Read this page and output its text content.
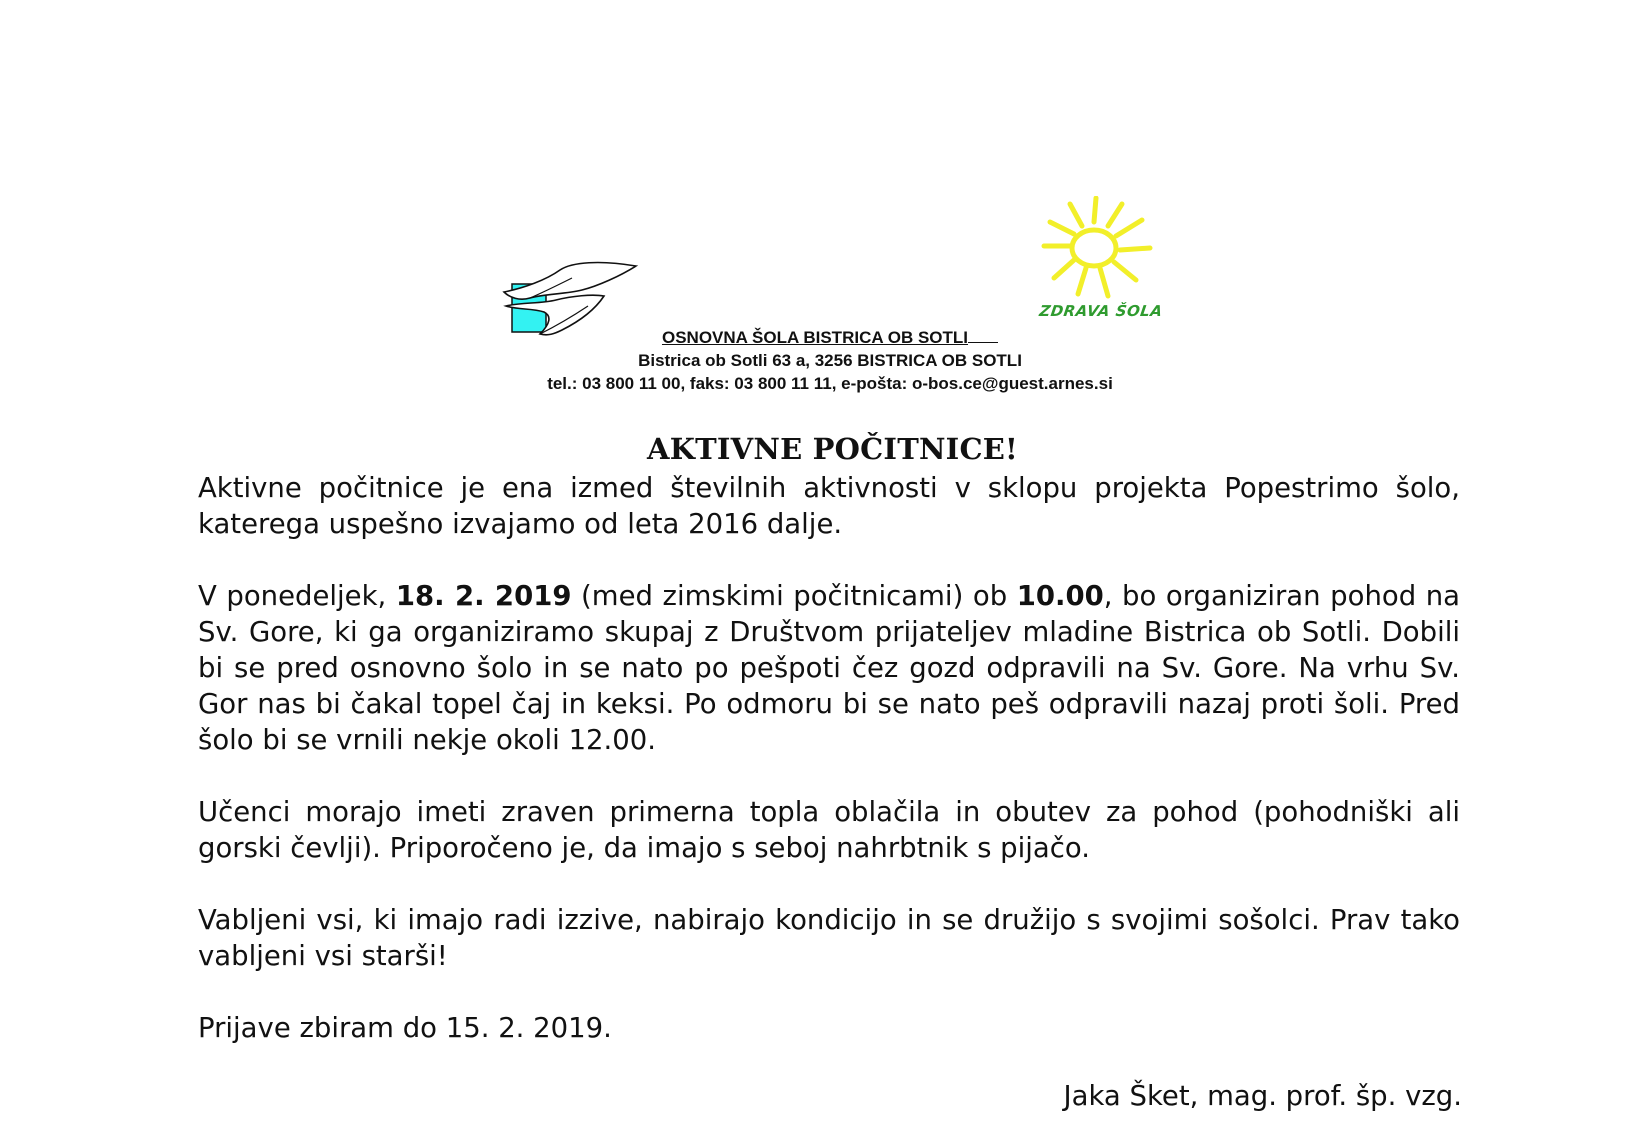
ZDRAVA ŠOLA
OSNOVNA ŠOLA BISTRICA OB SOTLI
Bistrica ob Sotli 63 a, 3256 BISTRICA OB SOTLI
tel.: 03 800 11 00, faks: 03 800 11 11, e-pošta: o-bos.ce@guest.arnes.si
AKTIVNE POČITNICE!

Aktivne počitnice je ena izmed številnih aktivnosti v sklopu projekta Popestrimo šolo, katerega uspešno izvajamo od leta 2016 dalje.

V ponedeljek, 18. 2. 2019 (med zimskimi počitnicami) ob 10.00, bo organiziran pohod na Sv. Gore, ki ga organiziramo skupaj z Društvom prijateljev mladine Bistrica ob Sotli. Dobili bi se pred osnovno šolo in se nato po pešpoti čez gozd odpravili na Sv. Gore. Na vrhu Sv. Gor nas bi čakal topel čaj in keksi. Po odmoru bi se nato peš odpravili nazaj proti šoli. Pred šolo bi se vrnili nekje okoli 12.00.

Učenci morajo imeti zraven primerna topla oblačila in obutev za pohod (pohodniški ali gorski čevlji). Priporočeno je, da imajo s seboj nahrbtnik s pijačo.

Vabljeni vsi, ki imajo radi izzive, nabirajo kondicijo in se družijo s svojimi sošolci. Prav tako vabljeni vsi starši!

Prijave zbiram do 15. 2. 2019.

Jaka Šket, mag. prof. šp. vzg.
